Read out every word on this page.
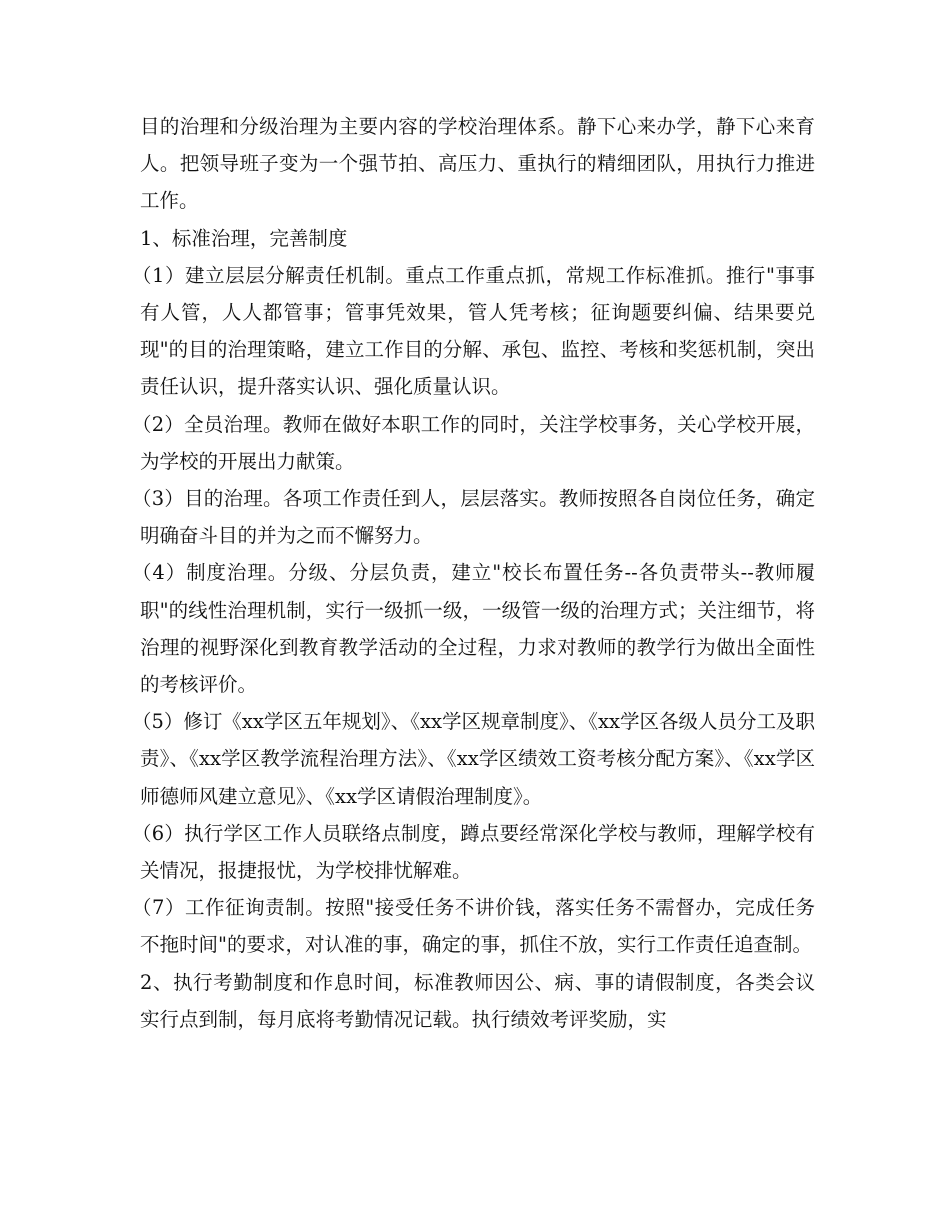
目的治理和分级治理为主要内容的学校治理体系。静下心来办学，静下心来育人。把领导班子变为一个强节拍、高压力、重执行的精细团队，用执行力推进工作。

1、标准治理，完善制度

（1）建立层层分解责任机制。重点工作重点抓，常规工作标准抓。推行"事事有人管，人人都管事；管事凭效果，管人凭考核；征询题要纠偏、结果要兑现"的目的治理策略，建立工作目的分解、承包、监控、考核和奖惩机制，突出责任认识，提升落实认识、强化质量认识。

（2）全员治理。教师在做好本职工作的同时，关注学校事务，关心学校开展，为学校的开展出力献策。

（3）目的治理。各项工作责任到人，层层落实。教师按照各自岗位任务，确定明确奋斗目的并为之而不懈努力。

（4）制度治理。分级、分层负责，建立"校长布置任务--各负责带头--教师履职"的线性治理机制，实行一级抓一级，一级管一级的治理方式；关注细节，将治理的视野深化到教育教学活动的全过程，力求对教师的教学行为做出全面性的考核评价。

（5）修订《xx学区五年规划》、《xx学区规章制度》、《xx学区各级人员分工及职责》、《xx学区教学流程治理方法》、《xx学区绩效工资考核分配方案》、《xx学区师德师风建立意见》、《xx学区请假治理制度》。

（6）执行学区工作人员联络点制度，蹲点要经常深化学校与教师，理解学校有关情况，报捷报忧，为学校排忧解难。

（7）工作征询责制。按照"接受任务不讲价钱，落实任务不需督办，完成任务不拖时间"的要求，对认准的事，确定的事，抓住不放，实行工作责任追查制。

2、执行考勤制度和作息时间，标准教师因公、病、事的请假制度，各类会议实行点到制，每月底将考勤情况记载。执行绩效考评奖励，实
